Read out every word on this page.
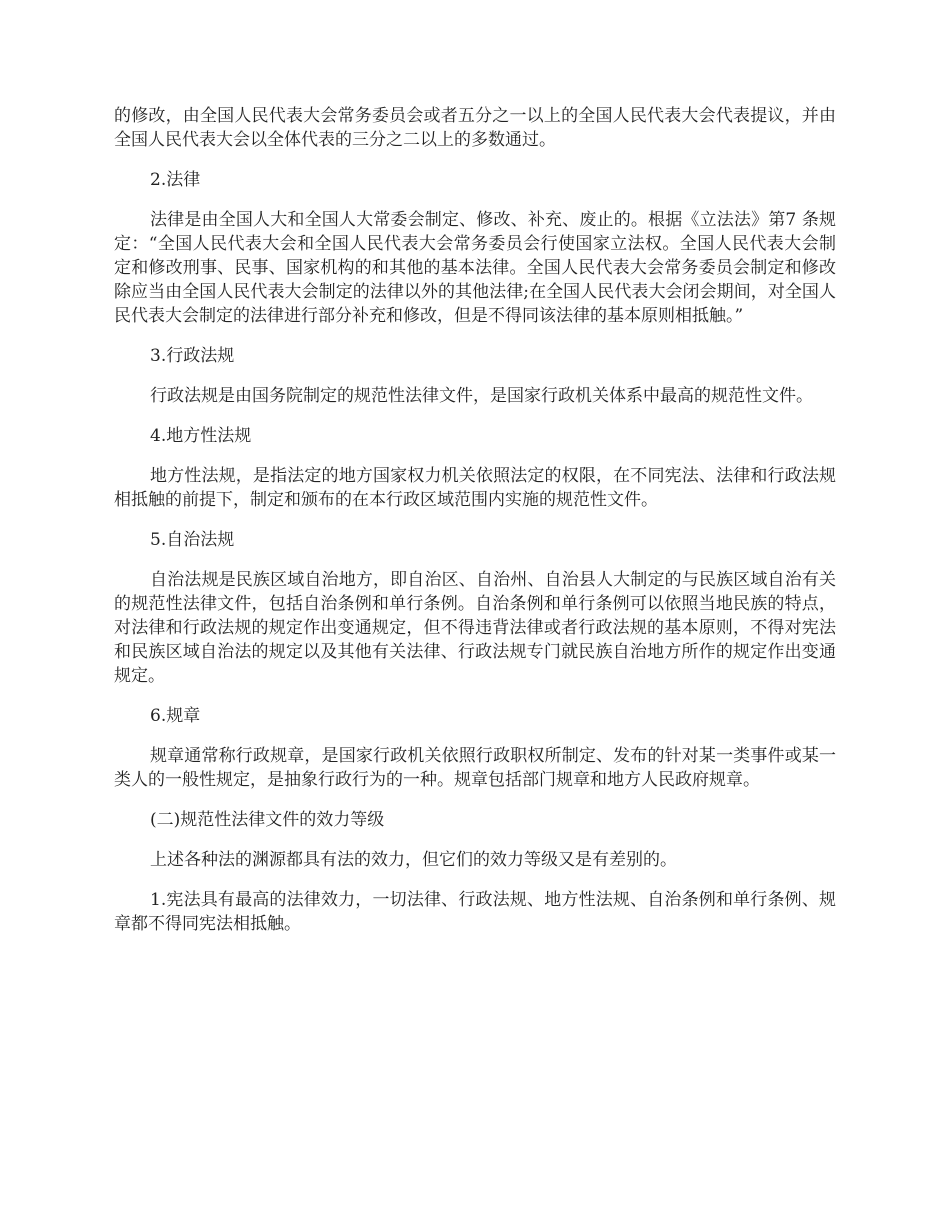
的修改，由全国人民代表大会常务委员会或者五分之一以上的全国人民代表大会代表提议，并由全国人民代表大会以全体代表的三分之二以上的多数通过。

2.法律

法律是由全国人大和全国人大常委会制定、修改、补充、废止的。根据《立法法》第7 条规定：“全国人民代表大会和全国人民代表大会常务委员会行使国家立法权。全国人民代表大会制定和修改刑事、民事、国家机构的和其他的基本法律。全国人民代表大会常务委员会制定和修改除应当由全国人民代表大会制定的法律以外的其他法律;在全国人民代表大会闭会期间，对全国人民代表大会制定的法律进行部分补充和修改，但是不得同该法律的基本原则相抵触。”

3.行政法规

行政法规是由国务院制定的规范性法律文件，是国家行政机关体系中最高的规范性文件。

4.地方性法规

地方性法规，是指法定的地方国家权力机关依照法定的权限，在不同宪法、法律和行政法规相抵触的前提下，制定和颁布的在本行政区域范围内实施的规范性文件。

5.自治法规

自治法规是民族区域自治地方，即自治区、自治州、自治县人大制定的与民族区域自治有关的规范性法律文件，包括自治条例和单行条例。自治条例和单行条例可以依照当地民族的特点，对法律和行政法规的规定作出变通规定，但不得违背法律或者行政法规的基本原则，不得对宪法和民族区域自治法的规定以及其他有关法律、行政法规专门就民族自治地方所作的规定作出变通规定。

6.规章

规章通常称行政规章，是国家行政机关依照行政职权所制定、发布的针对某一类事件或某一类人的一般性规定，是抽象行政行为的一种。规章包括部门规章和地方人民政府规章。

(二)规范性法律文件的效力等级

上述各种法的渊源都具有法的效力，但它们的效力等级又是有差别的。

1.宪法具有最高的法律效力，一切法律、行政法规、地方性法规、自治条例和单行条例、规章都不得同宪法相抵触。
